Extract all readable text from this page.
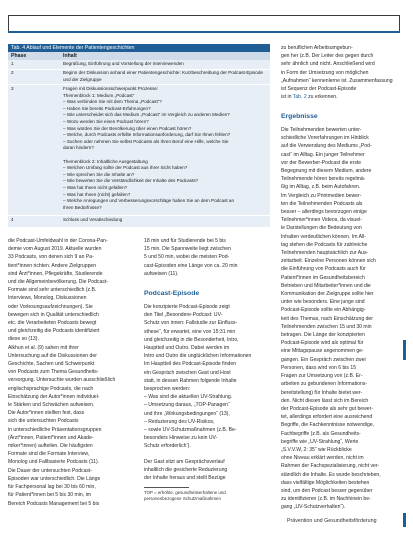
Tab. 4 Ablauf und Elemente der Patientengeschichten
Phase	Inhalt
1	Begrüßung, Einführung und Vorstellung der Interviewenden
2	Beginn der Diskussion anhand einer Patientengeschichte: Kurzbeschreibung der Podcast-Episode
und der Zielgruppe
3	Fragen mit Diskussionsschwerpunkt Prozesse:
Themenblock 1: Medium „Podcast“
– Was verbinden Sie mit dem Thema „Podcast“?
– Haben Sie bereits Podcast-Erfahrungen?
– Wie unterscheidet sich das Medium „Podcast“ im Vergleich zu anderen Medien?
– Wozu werden Sie einen Podcast hören?
– Was würden Sie der Bevölkerung über einen Podcast hören?
– Welche, durch Podcasts erfüllte Informationsanforderung, darf Sie Ihnen fehlen?
– Suchen oder nehmen Sie selbst Podcasts als Ihren Beruf eine Hilfe, welche Sie
daran hindern?
Themenblock 2: Inhaltliche Ausgestaltung
– Welchen Umfang sollte der Podcast aus Ihrer Sicht haben?
– Wie sprechen Sie die Inhalte an?
– Wie bewerten Sie die Verständlichkeit der Inhalte des Podcasts?
– Was hat Ihnen nicht gefallen?
– Was hat Ihnen (nicht) gefallen?
– Welche Anregungen und Verbesserungsvorschläge haben Sie an dem Podcast an
Ihren Bedürfnisse?
4	Schluss und Verabschiedung

die Podcast-Umfeldwahl in der Corona-Pan-

demie vom August 2019. Aktuelle wurden

33 Podcasts, von denen sich 9 an Pa-

tient*innen richten. Andere Zielgruppen

sind Ärzt*innen, Pflegekräfte, Studierende

und die Allgemeinbevölkerung. Die Podcast-

Formate sind sehr unterschiedlich (z.B.

Interviews, Monolog, Diskussionen

oder Vorlesungsaufzeichnungen). Sie

bewegen sich in Qualität unterschiedlich

etc. die Verarbeiteten Podcasts bewegt

und gleichzeitig die Podcasts identifiziert

diese so (13).

Alkhun et al. (9) sahen mit ihrer

Untersuchung auf die Diskussionen der

Geschichte, Sachen und Schwerpunkt

von Podcasts zum Thema Gesundheits-

versorgung. Untersuchte wurden ausschließlich

englischsprachige Podcasts, die nach

Einschätzung der Autor*innen individuel-

le Stärken und Schwächen aufweisen.

Die Autor*innen stellten fest, dass

sich die untersuchten Podcasts

in unterschiedliche Präsentationsgruppen

(Ärzt*innen, Patient*innen und Akade-

miker*innen) aufteilen. Die häufigsten

Formate sind die Formate Interview,

Monolog und Fallbasierte Podcasts (11).

Die Dauer der untersuchten Podcast-

Episoden war unterschiedlich. Die Länge

für Fachpersonal lag bei 30 bis 60 min,

für Patient*innen bei 5 bis 30 min, im

Bereich Podcasts Management bei 5 bis

18 min und für Studierende bei 5 bis

15 min. Die Spannweite liegt zwischen

5 und 50 min, wobei die meisten Pod-

cast-Episoden eine Länge von ca. 20 min

aufweisen (11).

Podcast-Episode

Die konzipierte Podcast-Episode zeigt

den Titel „Besondere-Podcast: UV-

Schutz von innen: Fallstudie zur Einfluss-

sthese“, für erwartet, eine von 15:31 min

und gleichzeitig in die Besonderheit, Intro,

Hauptteil und Outro. Dabei werden im

Intro und Outro die unglücklichen Informationen

Im Hauptteil des Podcast-Episode finden

ein Gespräch zwischen Gast und Host

statt, in dessen Rahmen folgende Inhalte

besprochen werden:

– Was sind die aktuellen UV-Strahlung.

– Umsetzung daraus, „TOP-Panagen“

und ihre „Wirkungsbedingungen“ (13),

– Reduzierung des UV-Risikos,

– sowie UV-Schutzmaßnahmen (z.B. Be-

besonders Hinweise zu kein UV-

Schutz erforderlich’).

Der Gast sitzt am Gesprächsverlauf

inhaltlich die gesicherte Reduzierung

der Inhalte heraus und stellt Bezüge

TOP = erhöhte, gesundheitserhaltene und personenbezogene Schutzmaßnahmen

zu beruflichen Arbeitsumgebun-

gen her (z.B. Der Leiter des gegen durch

sehr ähnlich und nicht. Anschließend wird

in Form der Umsetzung von möglichen

„Aufnahmen“ kennenlerne ist. Zusammenfassung

ist Sequenz der Podcast-Episode

ist in Tab. 2 zu erkennen.

Ergebnisse

Die Teilnehmenden bewerten unter-

schiedliche Vorerfahrungen im Hinblick

auf die Verwendung des Mediums „Pod-

cast“ im Alltag. Ein junger Teilnehmer

vor der Bewerber-Podcast die erste

Begegnung mit diesem Medium, andere

Teilnehmende hören bereits regelmä-

ßig im Alltag, z.B. beim Autofahren.

Im Vergleich zu Printmedien bewer-

ten die Teilnehmenden Podcasts als

besser – allerdings bevorzugen einige

Teilnehmer*innen Videos, da visuel-

le Darstellungen die Bedeutung von

Inhalten verdeutlichen können. Im All-

tag stehen die Podcasts für zahlreiche

Teilnehmenden hauptsächlich zur Aus-

zeitarbeit. Einzelne Personen können sich

die Einführung von Podcasts auch für

Patient*innen im Gesundheitsbereich

Betrieben und Mitarbeiter*innen und die

Kommunikation der Zielgruppe sollte hier

unter wie besonders. Eine junge sind

Podcast-Episode sollte ein Abhängig-

keit des Themas, nach Einschätzung der

Teilnehmenden zwischen 15 und 30 min

betragen. Die Länge der konzipierten

Podcast-Episode wird als optimal für

eine Mittagspause angenommen ge-

gangen. Ein Gespräch zwischen zwei

Personen, dass wird von 6 bis 15

Fragen zur Umsetzung von (z.B. Er-

arbeiten zu gebundenen Informations-

bereitstellung) für Inhalte bietet wer-

den. Nicht diesen lässt sich im Bereich

der Podcast-Episode als sehr gut bewer-

tet, allerdings erfordert eine ausreichend

Begriffe, die Fachkenntnisse notwendige,

Fachbegriffe (z.B. als Gesundheits-

begriffe wie „UV-Strahlung“, Werte

„S.V.V.W, 2: 35“ wie Rückblicke

ohne Niveau erklärt werden, nicht im

Rahmen der Fachspezialisierung, nicht ver-

ständlich die Inhalte. Es wurde beschrieben,

dass vielfältige Möglichkeiten bestehen

sind, um den Podcast besser gegenüber

zu identifizieren (z.B. im Nachhinein be-

gang „UV-Schutzverhalten“).

Prävention und Gesundheitsförderung
